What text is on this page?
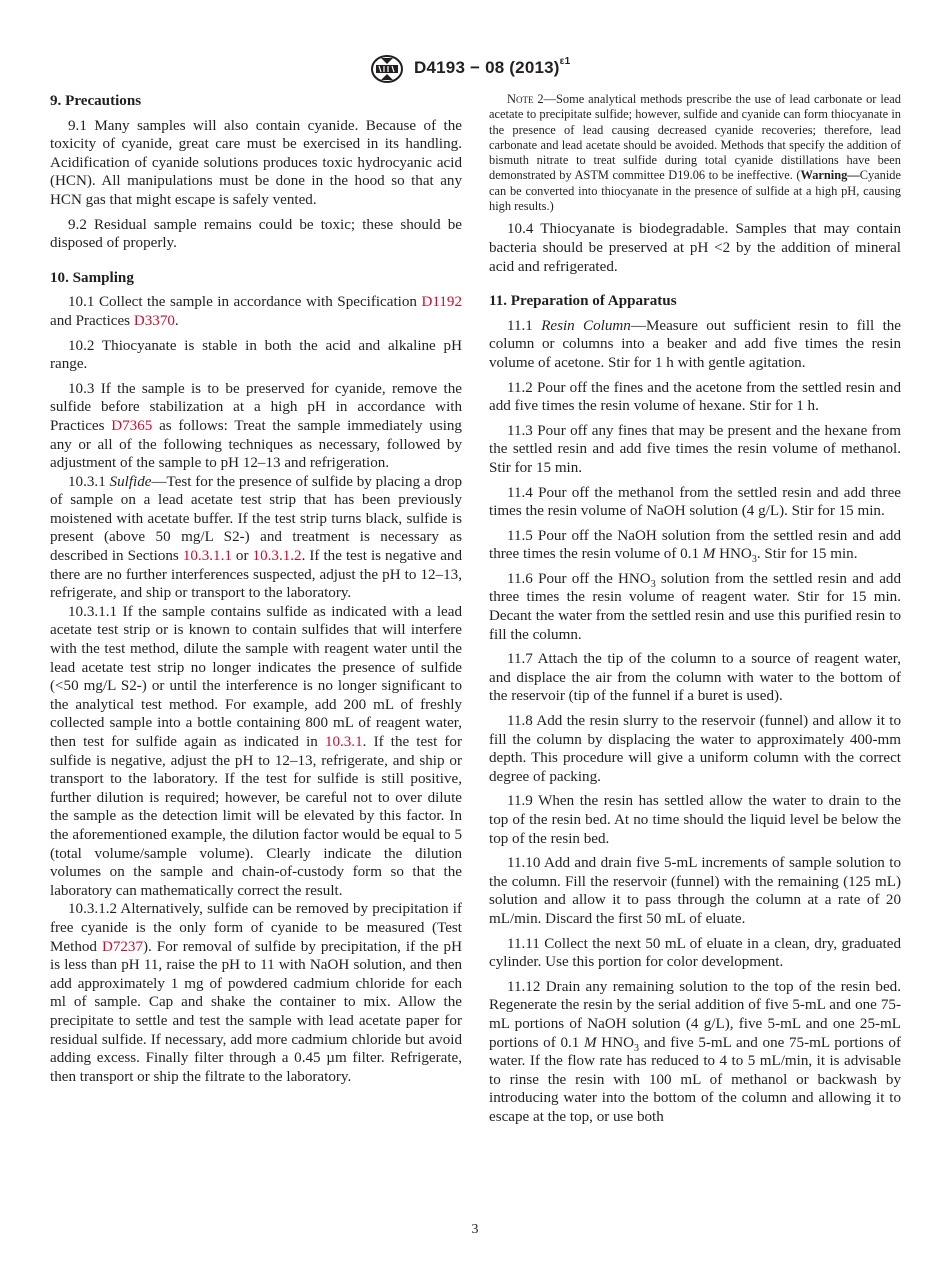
D4193 − 08 $(2013)^{\varepsilon 1}$
9. Precautions

9.1 Many samples will also contain cyanide. Because of the toxicity of cyanide, great care must be exercised in its handling. Acidification of cyanide solutions produces toxic hydrocyanic acid (HCN). All manipulations must be done in the hood so that any HCN gas that might escape is safely vented.

9.2 Residual sample remains could be toxic; these should be disposed of properly.

10. Sampling

10.1 Collect the sample in accordance with Specification D1192 and Practices D3370.

10.2 Thiocyanate is stable in both the acid and alkaline pH range.

10.3 If the sample is to be preserved for cyanide, remove the sulfide before stabilization at a high pH in accordance with Practices D7365 as follows: Treat the sample immediately using any or all of the following techniques as necessary, followed by adjustment of the sample to pH 12–13 and refrigeration.

10.3.1 Sulfide—Test for the presence of sulfide by placing a drop of sample on a lead acetate test strip that has been previously moistened with acetate buffer. If the test strip turns black, sulfide is present (above 50 mg/L S2-) and treatment is necessary as described in Sections 10.3.1.1 or 10.3.1.2. If the test is negative and there are no further interferences suspected, adjust the pH to 12–13, refrigerate, and ship or transport to the laboratory.

10.3.1.1 If the sample contains sulfide as indicated with a lead acetate test strip or is known to contain sulfides that will interfere with the test method, dilute the sample with reagent water until the lead acetate test strip no longer indicates the presence of sulfide (<50 mg/L S2-) or until the interference is no longer significant to the analytical test method. For example, add 200 mL of freshly collected sample into a bottle containing 800 mL of reagent water, then test for sulfide again as indicated in 10.3.1. If the test for sulfide is negative, adjust the pH to 12–13, refrigerate, and ship or transport to the laboratory. If the test for sulfide is still positive, further dilution is required; however, be careful not to over dilute the sample as the detection limit will be elevated by this factor. In the aforementioned example, the dilution factor would be equal to 5 (total volume/sample volume). Clearly indicate the dilution volumes on the sample and chain-of-custody form so that the laboratory can mathematically correct the result.

10.3.1.2 Alternatively, sulfide can be removed by precipitation if free cyanide is the only form of cyanide to be measured (Test Method D7237). For removal of sulfide by precipitation, if the pH is less than pH 11, raise the pH to 11 with NaOH solution, and then add approximately 1 mg of powdered cadmium chloride for each ml of sample. Cap and shake the container to mix. Allow the precipitate to settle and test the sample with lead acetate paper for residual sulfide. If necessary, add more cadmium chloride but avoid adding excess. Finally filter through a 0.45 µm filter. Refrigerate, then transport or ship the filtrate to the laboratory.

Note 2—Some analytical methods prescribe the use of lead carbonate or lead acetate to precipitate sulfide; however, sulfide and cyanide can form thiocyanate in the presence of lead causing decreased cyanide recoveries; therefore, lead carbonate and lead acetate should be avoided. Methods that specify the addition of bismuth nitrate to treat sulfide during total cyanide distillations have been demonstrated by ASTM committee D19.06 to be ineffective. (Warning—Cyanide can be converted into thiocyanate in the presence of sulfide at a high pH, causing high results.)

10.4 Thiocyanate is biodegradable. Samples that may contain bacteria should be preserved at pH <2 by the addition of mineral acid and refrigerated.

11. Preparation of Apparatus

11.1 Resin Column—Measure out sufficient resin to fill the column or columns into a beaker and add five times the resin volume of acetone. Stir for 1 h with gentle agitation.

11.2 Pour off the fines and the acetone from the settled resin and add five times the resin volume of hexane. Stir for 1 h.

11.3 Pour off any fines that may be present and the hexane from the settled resin and add five times the resin volume of methanol. Stir for 15 min.

11.4 Pour off the methanol from the settled resin and add three times the resin volume of NaOH solution (4 g/L). Stir for 15 min.

11.5 Pour off the NaOH solution from the settled resin and add three times the resin volume of 0.1 M $HNO_3$. Stir for 15 min.

11.6 Pour off the $HNO_3$ solution from the settled resin and add three times the resin volume of reagent water. Stir for 15 min. Decant the water from the settled resin and use this purified resin to fill the column.

11.7 Attach the tip of the column to a source of reagent water, and displace the air from the column with water to the bottom of the reservoir (tip of the funnel if a buret is used).

11.8 Add the resin slurry to the reservoir (funnel) and allow it to fill the column by displacing the water to approximately 400-mm depth. This procedure will give a uniform column with the correct degree of packing.

11.9 When the resin has settled allow the water to drain to the top of the resin bed. At no time should the liquid level be below the top of the resin bed.

11.10 Add and drain five 5-mL increments of sample solution to the column. Fill the reservoir (funnel) with the remaining (125 mL) solution and allow it to pass through the column at a rate of 20 mL/min. Discard the first 50 mL of eluate.

11.11 Collect the next 50 mL of eluate in a clean, dry, graduated cylinder. Use this portion for color development.

11.12 Drain any remaining solution to the top of the resin bed. Regenerate the resin by the serial addition of five 5-mL and one 75-mL portions of NaOH solution (4 g/L), five 5-mL and one 25-mL portions of 0.1 M $HNO_3$ and five 5-mL and one 75-mL portions of water. If the flow rate has reduced to 4 to 5 mL/min, it is advisable to rinse the resin with 100 mL of methanol or backwash by introducing water into the bottom of the column and allowing it to escape at the top, or use both

3
